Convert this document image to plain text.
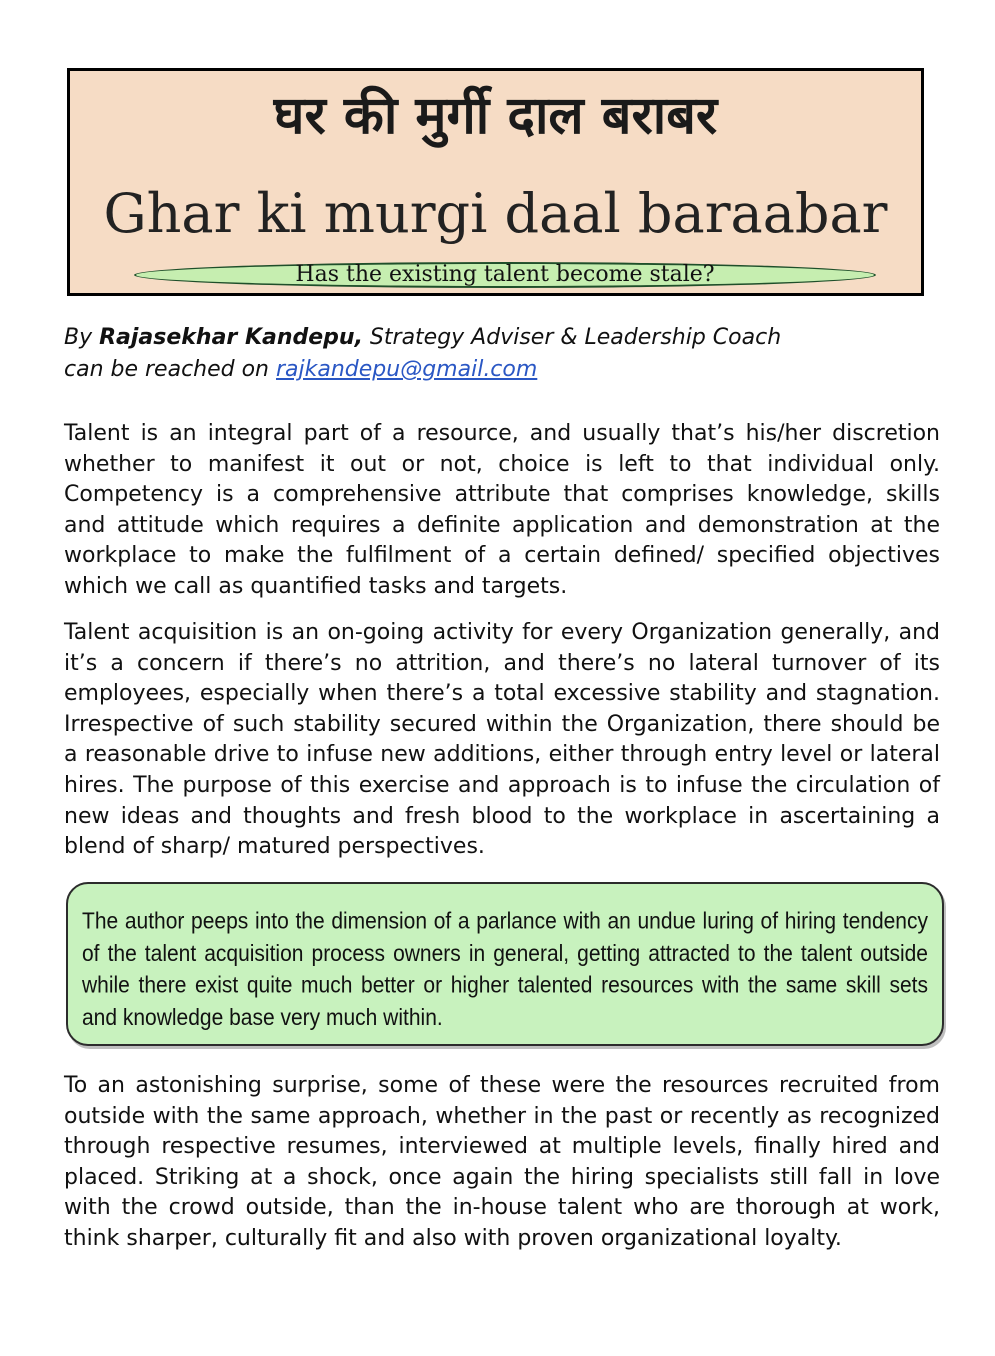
घर की मुर्गी दाल बराबर
Ghar ki murgi daal baraabar
Has the existing talent become stale?
By Rajasekhar Kandepu, Strategy Adviser & Leadership Coach
can be reached on rajkandepu@gmail.com

Talent is an integral part of a resource, and usually that’s his/her discretion whether to manifest it out or not, choice is left to that individual only. Competency is a comprehensive attribute that comprises knowledge, skills and attitude which requires a definite application and demonstration at the workplace to make the fulfilment of a certain defined/ specified objectives which we call as quantified tasks and targets.

Talent acquisition is an on-going activity for every Organization generally, and it’s a concern if there’s no attrition, and there’s no lateral turnover of its employees, especially when there’s a total excessive stability and stagnation. Irrespective of such stability secured within the Organization, there should be a reasonable drive to infuse new additions, either through entry level or lateral hires. The purpose of this exercise and approach is to infuse the circulation of new ideas and thoughts and fresh blood to the workplace in ascertaining a blend of sharp/ matured perspectives.

The author peeps into the dimension of a parlance with an undue luring of hiring tendency of the talent acquisition process owners in general, getting attracted to the talent outside while there exist quite much better or higher talented resources with the same skill sets and knowledge base very much within.

To an astonishing surprise, some of these were the resources recruited from outside with the same approach, whether in the past or recently as recognized through respective resumes, interviewed at multiple levels, finally hired and placed. Striking at a shock, once again the hiring specialists still fall in love with the crowd outside, than the in-house talent who are thorough at work, think sharper, culturally fit and also with proven organizational loyalty.
